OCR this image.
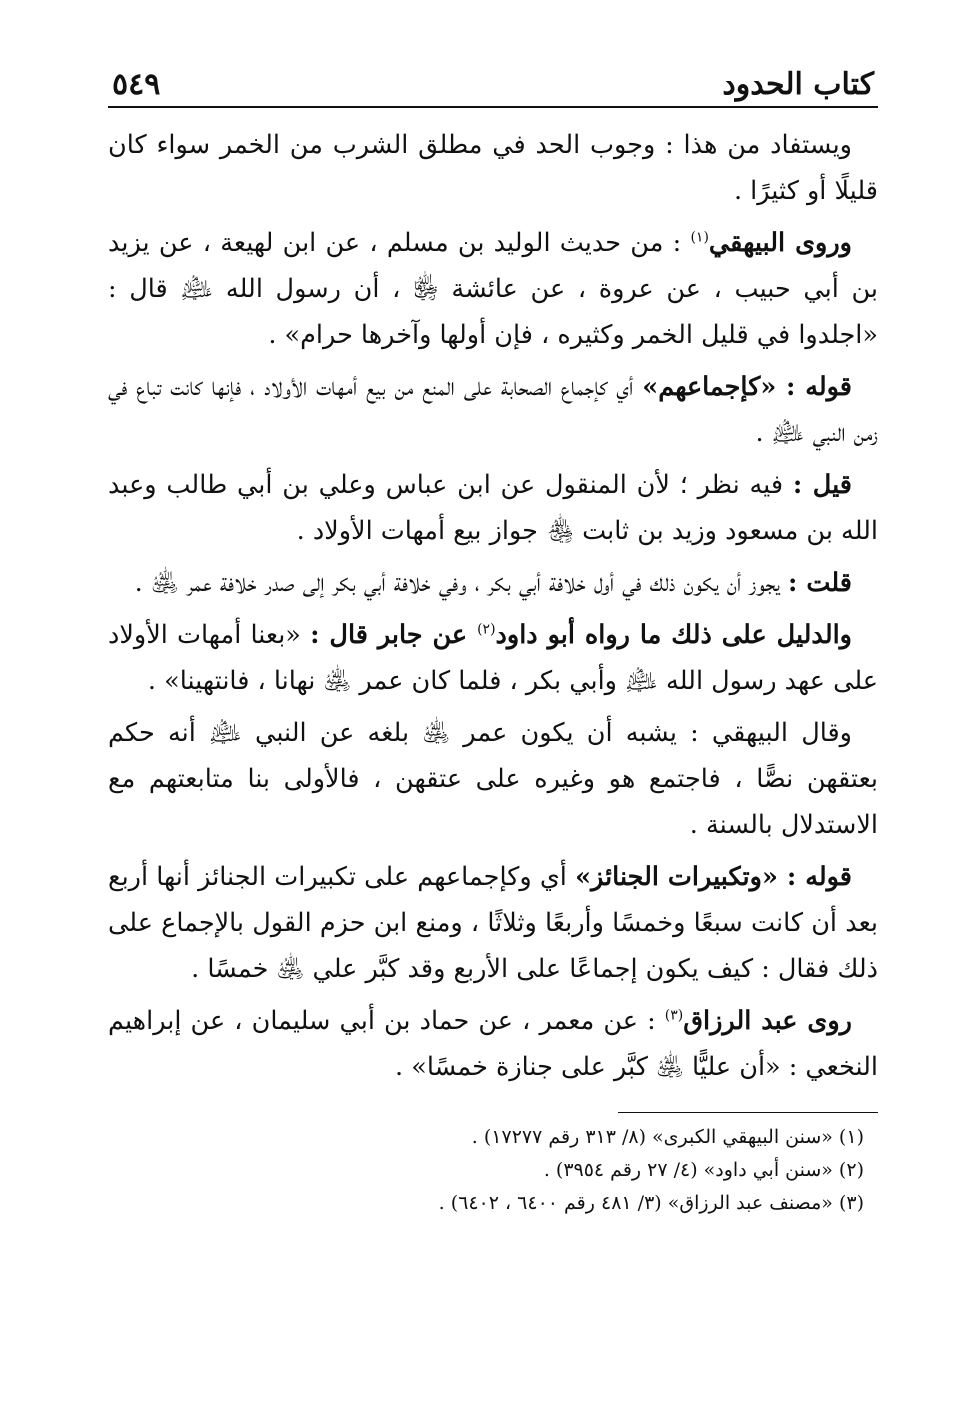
كتاب الحدود
٥٤٩

ويستفاد من هذا : وجوب الحد في مطلق الشرب من الخمر سواء كان قليلًا أو كثيرًا .

وروى البيهقي$^{(١)}$ : من حديث الوليد بن مسلم ، عن ابن لهيعة ، عن يزيد بن أبي حبيب ، عن عروة ، عن عائشة ﵂ ، أن رسول الله ﵇ قال : «اجلدوا في قليل الخمر وكثيره ، فإن أولها وآخرها حرام» .

قوله : «كإجماعهم» أي كإجماع الصحابة على المنع من بيع أمهات الأولاد ، فإنها كانت تباع في زمن النبي ﵇ .

قيل : فيه نظر ؛ لأن المنقول عن ابن عباس وعلي بن أبي طالب وعبد الله بن مسعود وزيد بن ثابت ﵃ جواز بيع أمهات الأولاد .

قلت : يجوز أن يكون ذلك في أول خلافة أبي بكر ، وفي خلافة أبي بكر إلى صدر خلافة عمر ﵁ .

والدليل على ذلك ما رواه أبو داود$^{(٢)}$ عن جابر قال : «بعنا أمهات الأولاد على عهد رسول الله ﵇ وأبي بكر ، فلما كان عمر ﵁ نهانا ، فانتهينا» .

وقال البيهقي : يشبه أن يكون عمر ﵁ بلغه عن النبي ﵇ أنه حكم بعتقهن نصًّا ، فاجتمع هو وغيره على عتقهن ، فالأولى بنا متابعتهم مع الاستدلال بالسنة .

قوله : «وتكبيرات الجنائز» أي وكإجماعهم على تكبيرات الجنائز أنها أربع بعد أن كانت سبعًا وخمسًا وأربعًا وثلاثًا ، ومنع ابن حزم القول بالإجماع على ذلك فقال : كيف يكون إجماعًا على الأربع وقد كبَّر علي ﵁ خمسًا .

روى عبد الرزاق$^{(٣)}$ : عن معمر ، عن حماد بن أبي سليمان ، عن إبراهيم النخعي : «أن عليًّا ﵁ كبَّر على جنازة خمسًا» .

(١) «سنن البيهقي الكبرى» (٨/ ٣١٣ رقم ١٧٢٧٧) .

(٢) «سنن أبي داود» (٤/ ٢٧ رقم ٣٩٥٤) .

(٣) «مصنف عبد الرزاق» (٣/ ٤٨١ رقم ٦٤٠٠ ، ٦٤٠٢) .
